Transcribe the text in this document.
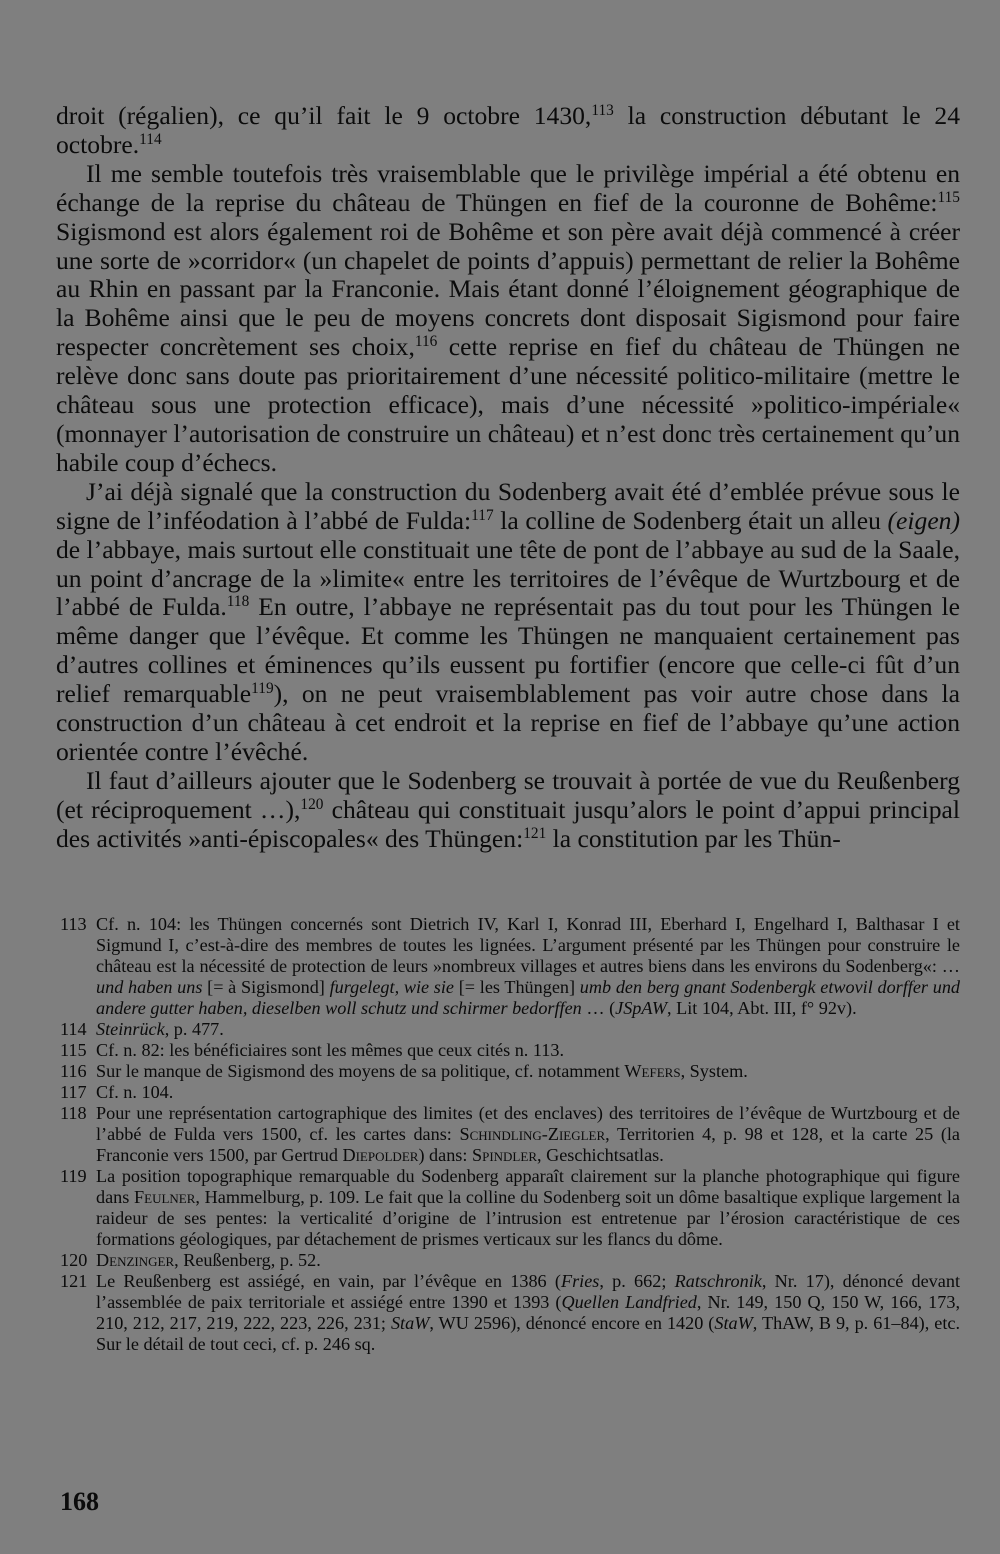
droit (régalien), ce qu’il fait le 9 octobre 1430,$^{113}$ la construction débutant le 24 octobre.$^{114}$

Il me semble toutefois très vraisemblable que le privilège impérial a été obtenu en échange de la reprise du château de Thüngen en fief de la couronne de Bohême:$^{115}$ Sigismond est alors également roi de Bohême et son père avait déjà commencé à créer une sorte de »corridor« (un chapelet de points d’appuis) permettant de relier la Bohême au Rhin en passant par la Franconie. Mais étant donné l’éloignement géographique de la Bohême ainsi que le peu de moyens concrets dont disposait Sigismond pour faire respecter concrètement ses choix,$^{116}$ cette reprise en fief du château de Thüngen ne relève donc sans doute pas prioritairement d’une nécessité politico-militaire (mettre le château sous une protection efficace), mais d’une nécessité »politico-impériale« (monnayer l’autorisation de construire un château) et n’est donc très certainement qu’un habile coup d’échecs.

J’ai déjà signalé que la construction du Sodenberg avait été d’emblée prévue sous le signe de l’inféodation à l’abbé de Fulda:$^{117}$ la colline de Sodenberg était un alleu (eigen) de l’abbaye, mais surtout elle constituait une tête de pont de l’abbaye au sud de la Saale, un point d’ancrage de la »limite« entre les territoires de l’évêque de Wurtzbourg et de l’abbé de Fulda.$^{118}$ En outre, l’abbaye ne représentait pas du tout pour les Thüngen le même danger que l’évêque. Et comme les Thüngen ne manquaient certainement pas d’autres collines et éminences qu’ils eussent pu fortifier (encore que celle-ci fût d’un relief remarquable$^{119}$), on ne peut vraisemblablement pas voir autre chose dans la construction d’un château à cet endroit et la reprise en fief de l’abbaye qu’une action orientée contre l’évêché.

Il faut d’ailleurs ajouter que le Sodenberg se trouvait à portée de vue du Reußenberg (et réciproquement …),$^{120}$ château qui constituait jusqu’alors le point d’appui principal des activités »anti-épiscopales« des Thüngen:$^{121}$ la constitution par les Thün-

113 Cf. n. 104: les Thüngen concernés sont Dietrich IV, Karl I, Konrad III, Eberhard I, Engelhard I, Balthasar I et Sigmund I, c’est-à-dire des membres de toutes les lignées. L’argument présenté par les Thüngen pour construire le château est la nécessité de protection de leurs »nombreux villages et autres biens dans les environs du Sodenberg«: … und haben uns [= à Sigismond] furgelegt, wie sie [= les Thüngen] umb den berg gnant Sodenbergk etwovil dorffer und andere gutter haben, dieselben woll schutz und schirmer bedorffen … (JSpAW, Lit 104, Abt. III, f° 92v).
114 Steinrück, p. 477.
115 Cf. n. 82: les bénéficiaires sont les mêmes que ceux cités n. 113.
116 Sur le manque de Sigismond des moyens de sa politique, cf. notamment Wefers, System.
117 Cf. n. 104.
118 Pour une représentation cartographique des limites (et des enclaves) des territoires de l’évêque de Wurtzbourg et de l’abbé de Fulda vers 1500, cf. les cartes dans: Schindling-Ziegler, Territorien 4, p. 98 et 128, et la carte 25 (la Franconie vers 1500, par Gertrud Diepolder) dans: Spindler, Geschichtsatlas.
119 La position topographique remarquable du Sodenberg apparaît clairement sur la planche photographique qui figure dans Feulner, Hammelburg, p. 109. Le fait que la colline du Sodenberg soit un dôme basaltique explique largement la raideur de ses pentes: la verticalité d’origine de l’intrusion est entretenue par l’érosion caractéristique de ces formations géologiques, par détachement de prismes verticaux sur les flancs du dôme.
120 Denzinger, Reußenberg, p. 52.
121 Le Reußenberg est assiégé, en vain, par l’évêque en 1386 (Fries, p. 662; Ratschronik, Nr. 17), dénoncé devant l’assemblée de paix territoriale et assiégé entre 1390 et 1393 (Quellen Landfried, Nr. 149, 150 Q, 150 W, 166, 173, 210, 212, 217, 219, 222, 223, 226, 231; StaW, WU 2596), dénoncé encore en 1420 (StaW, ThAW, B 9, p. 61–84), etc. Sur le détail de tout ceci, cf. p. 246 sq.
168
